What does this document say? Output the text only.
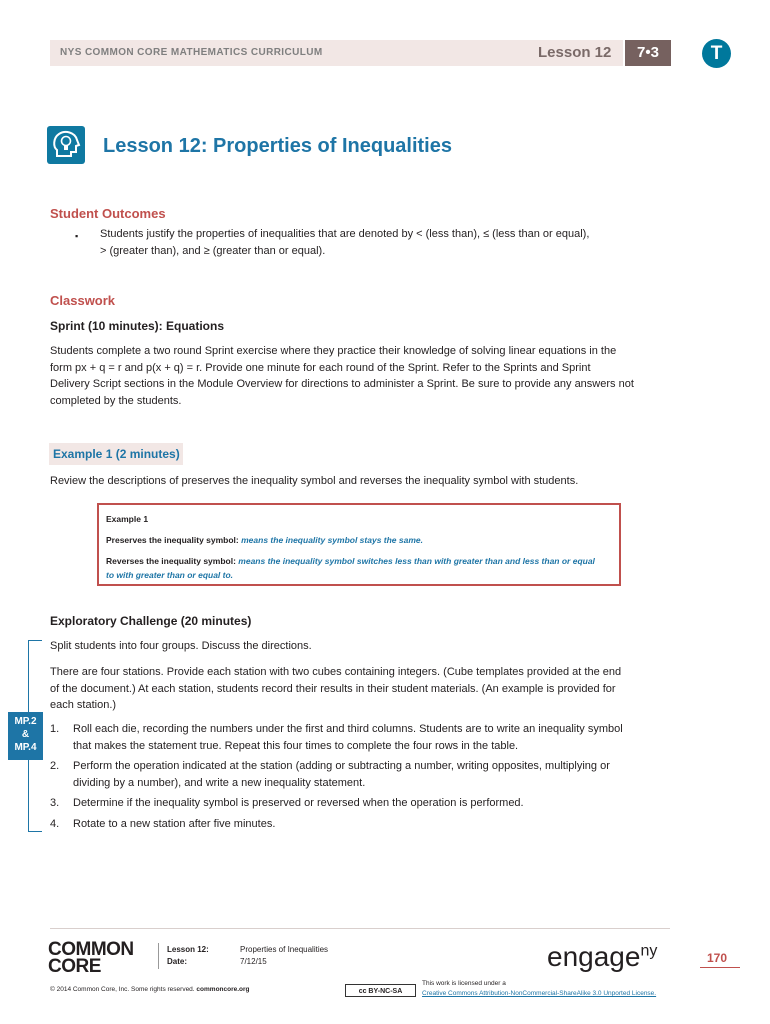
NYS COMMON CORE MATHEMATICS CURRICULUM	Lesson 12	7•3	T
Lesson 12: Properties of Inequalities
Student Outcomes
▪ Students justify the properties of inequalities that are denoted by < (less than), ≤ (less than or equal),
> (greater than), and ≥ (greater than or equal).
Classwork
Sprint (10 minutes): Equations
Students complete a two round Sprint exercise where they practice their knowledge of solving linear equations in the
form px + q = r and p(x + q) = r. Provide one minute for each round of the Sprint. Refer to the Sprints and Sprint
Delivery Script sections in the Module Overview for directions to administer a Sprint. Be sure to provide any answers not
completed by the students.
Example 1 (2 minutes)
Review the descriptions of preserves the inequality symbol and reverses the inequality symbol with students.
Example 1
Preserves the inequality symbol: means the inequality symbol stays the same.
Reverses the inequality symbol: means the inequality symbol switches less than with greater than and less than or equal
to with greater than or equal to.
Exploratory Challenge (20 minutes)
MP.2
&
MP.4
Split students into four groups. Discuss the directions.
There are four stations. Provide each station with two cubes containing integers. (Cube templates provided at the end
of the document.) At each station, students record their results in their student materials. (An example is provided for
each station.)
1. Roll each die, recording the numbers under the first and third columns. Students are to write an inequality symbol
that makes the statement true. Repeat this four times to complete the four rows in the table.
2. Perform the operation indicated at the station (adding or subtracting a number, writing opposites, multiplying or
dividing by a number), and write a new inequality statement.
3. Determine if the inequality symbol is preserved or reversed when the operation is performed.
4. Rotate to a new station after five minutes.
COMMON
CORE
Lesson 12:	Properties of Inequalities
Date:	7/12/15	engage$^{ny}$	170
© 2014 Common Core, Inc. Some rights reserved. commoncore.org	cc BY-NC-SA
This work is licensed under a
Creative Commons Attribution-NonCommercial-ShareAlike 3.0 Unported License.
